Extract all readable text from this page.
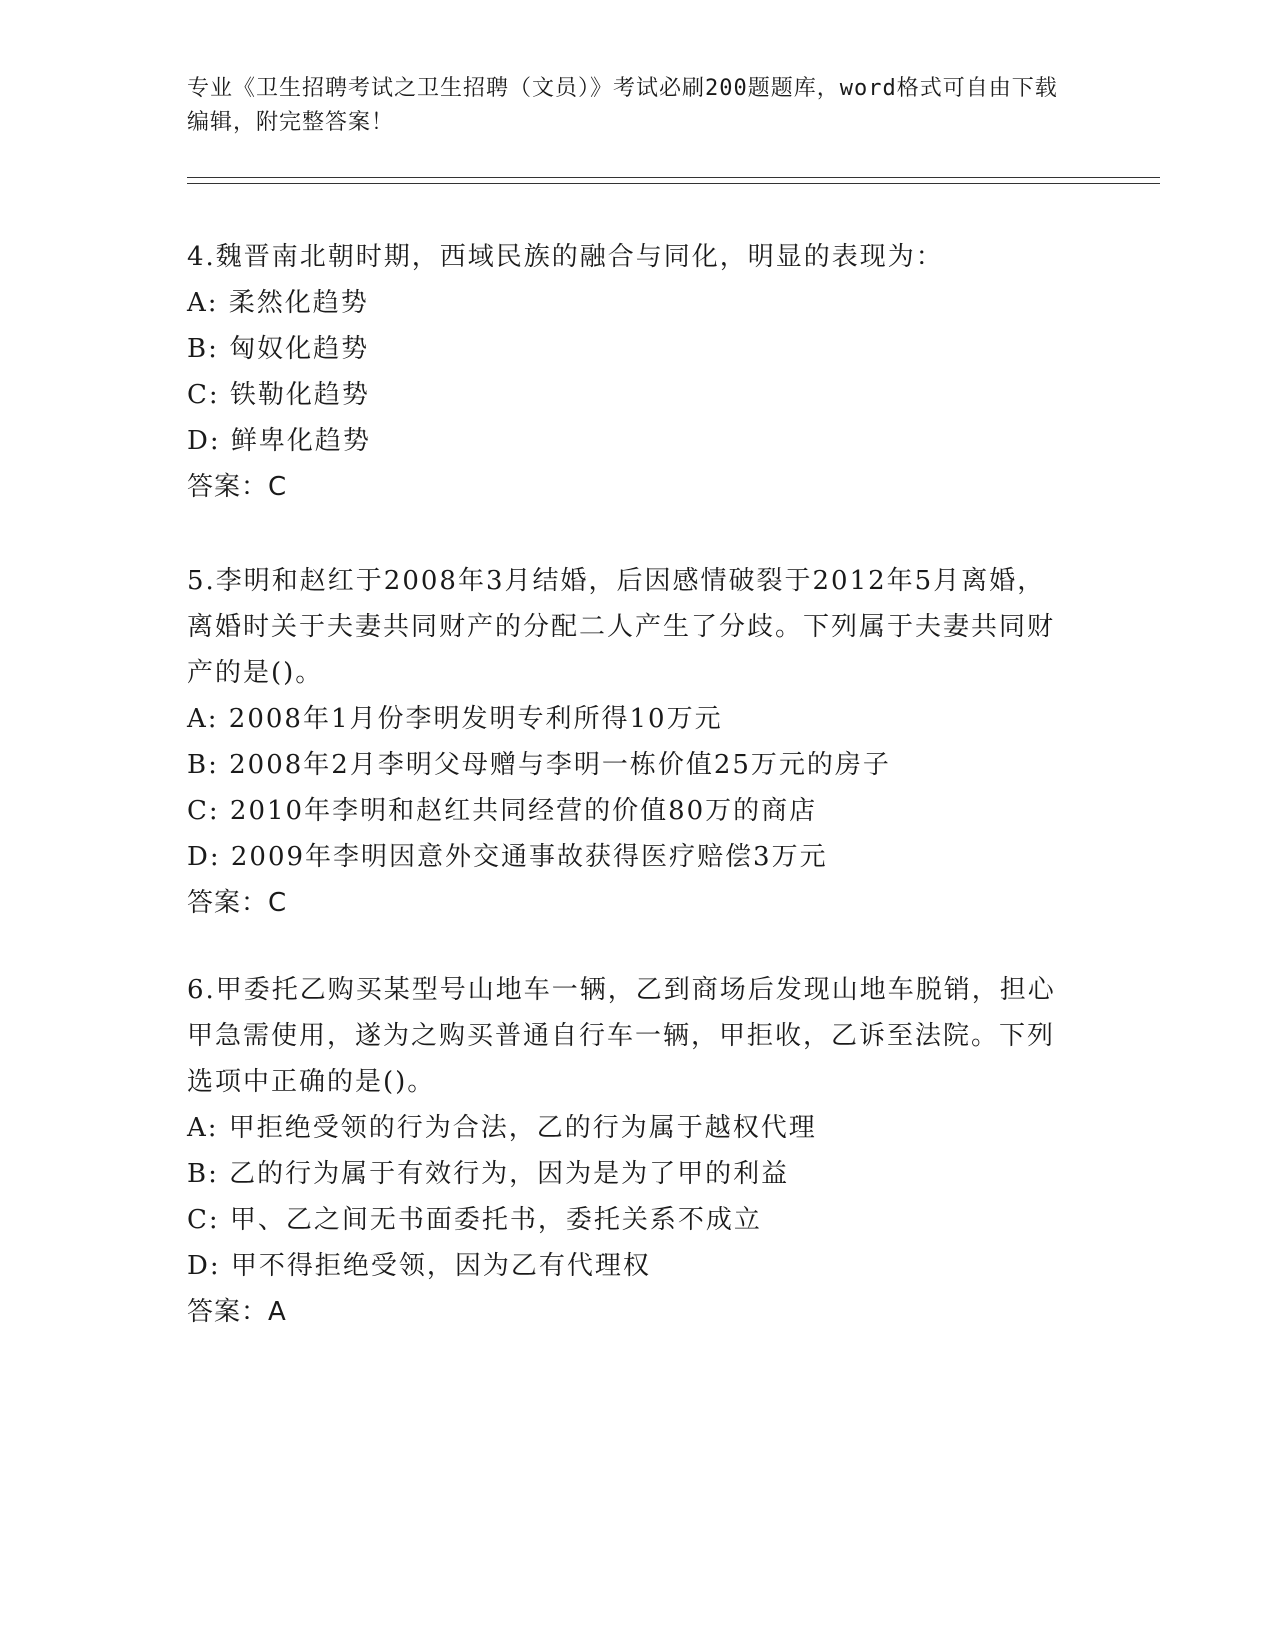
专业《卫生招聘考试之卫生招聘（文员）》考试必刷200题题库，word格式可自由下载编辑，附完整答案！

4.魏晋南北朝时期，西域民族的融合与同化，明显的表现为：

A: 柔然化趋势

B: 匈奴化趋势

C: 铁勒化趋势

D: 鲜卑化趋势

答案：C

5.李明和赵红于2008年3月结婚，后因感情破裂于2012年5月离婚，离婚时关于夫妻共同财产的分配二人产生了分歧。下列属于夫妻共同财产的是()。

A: 2008年1月份李明发明专利所得10万元

B: 2008年2月李明父母赠与李明一栋价值25万元的房子

C: 2010年李明和赵红共同经营的价值80万的商店

D: 2009年李明因意外交通事故获得医疗赔偿3万元

答案：C

6.甲委托乙购买某型号山地车一辆，乙到商场后发现山地车脱销，担心甲急需使用，遂为之购买普通自行车一辆，甲拒收，乙诉至法院。下列选项中正确的是()。

A: 甲拒绝受领的行为合法，乙的行为属于越权代理

B: 乙的行为属于有效行为，因为是为了甲的利益

C: 甲、乙之间无书面委托书，委托关系不成立

D: 甲不得拒绝受领，因为乙有代理权

答案：A
